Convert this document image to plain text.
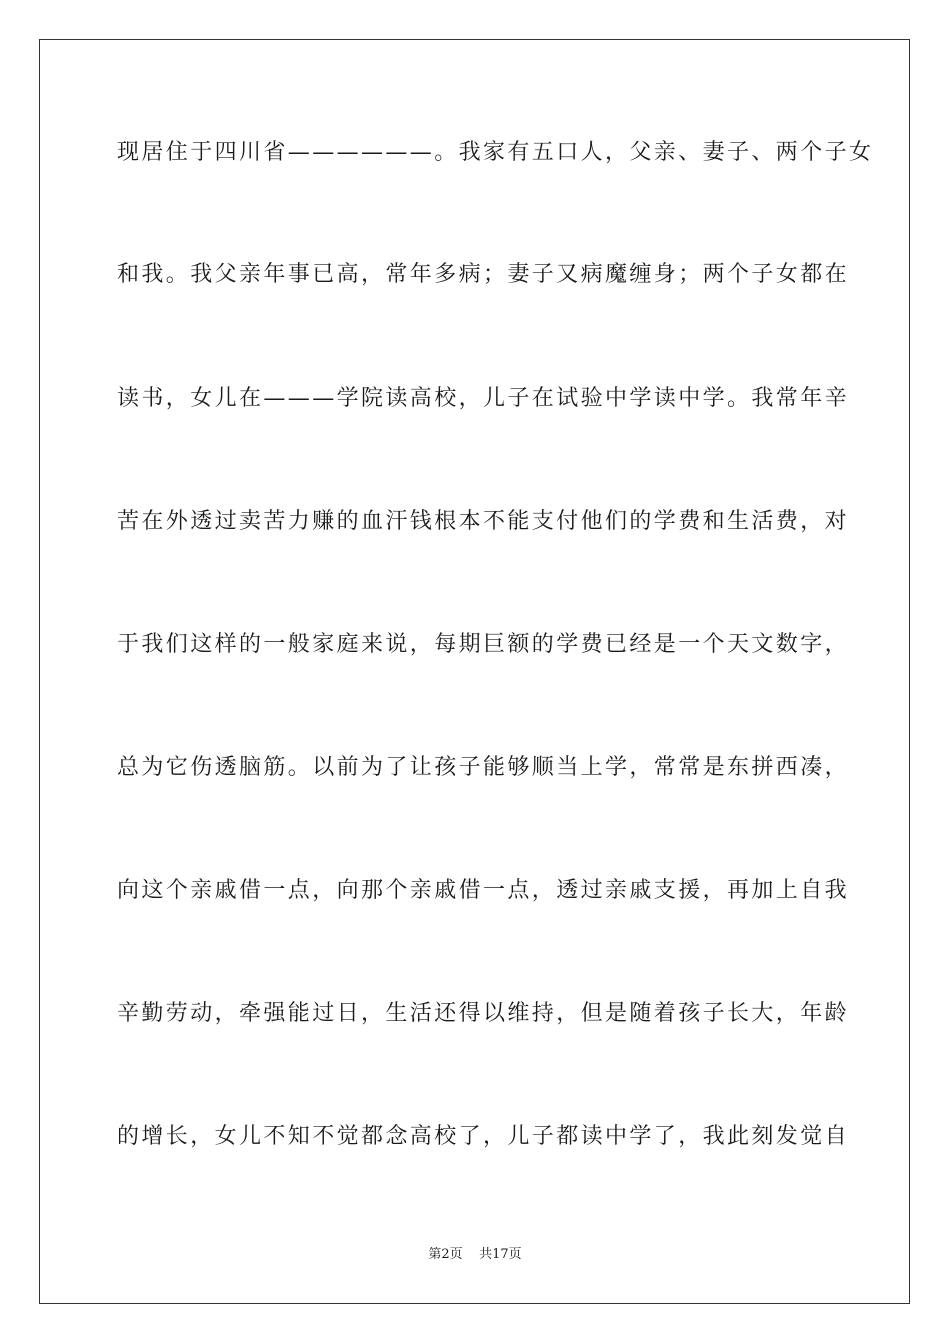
现居住于四川省——————。我家有五口人，父亲、妻子、两个子女
和我。我父亲年事已高，常年多病；妻子又病魔缠身；两个子女都在
读书，女儿在———学院读高校，儿子在试验中学读中学。我常年辛
苦在外透过卖苦力赚的血汗钱根本不能支付他们的学费和生活费，对
于我们这样的一般家庭来说，每期巨额的学费已经是一个天文数字，
总为它伤透脑筋。以前为了让孩子能够顺当上学，常常是东拼西凑，
向这个亲戚借一点，向那个亲戚借一点，透过亲戚支援，再加上自我
辛勤劳动，牵强能过日，生活还得以维持，但是随着孩子长大，年龄
的增长，女儿不知不觉都念高校了，儿子都读中学了，我此刻发觉自
第2页 共17页
